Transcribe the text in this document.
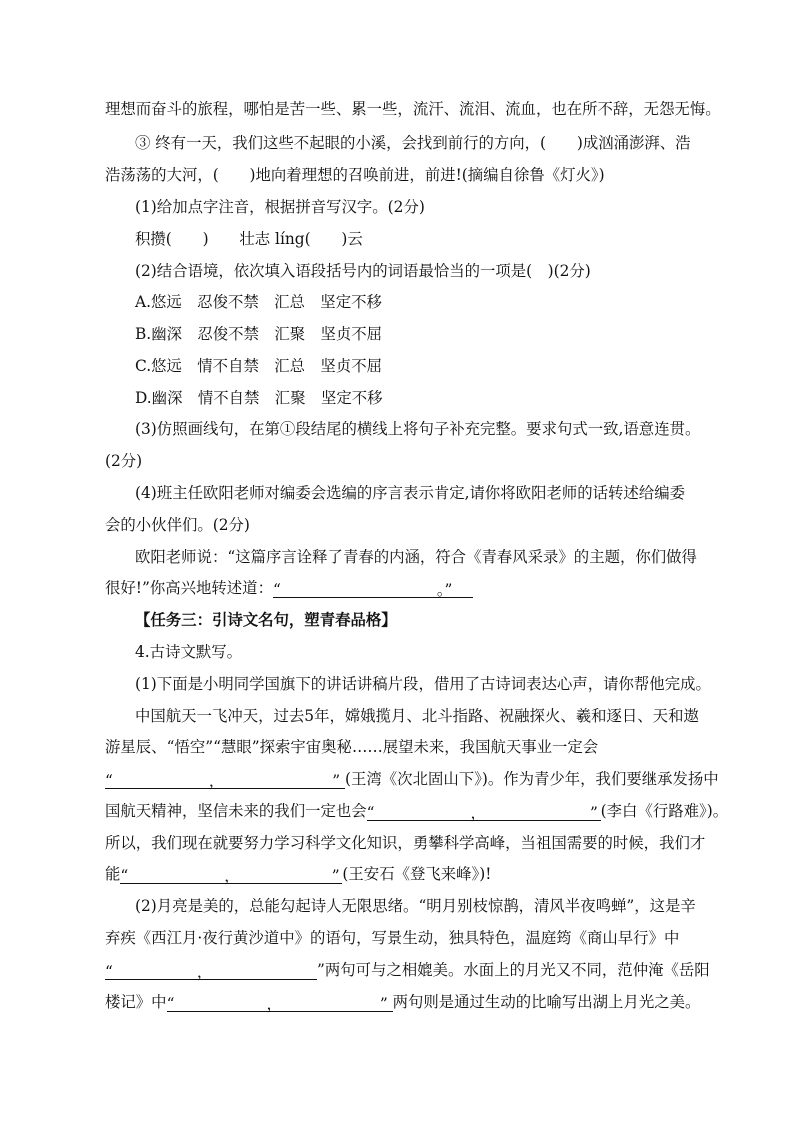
理想而奋斗的旅程，哪怕是苦一些、累一些，流汗、流泪、流血，也在所不辞，无怨无悔。
③ 终有一天，我们这些不起眼的小溪，会找到前行的方向，(　　)成汹涌澎湃、浩
浩荡荡的大河，(　　)地向着理想的召唤前进，前进!(摘编自徐鲁《灯火》)
(1)给加点字注音，根据拼音写汉字。(2分)
积攒(　　)　　壮志 líng(　　)云
(2)结合语境，依次填入语段括号内的词语最恰当的一项是(　)(2分)
A.悠远　忍俊不禁　汇总　坚定不移
B.幽深　忍俊不禁　汇聚　坚贞不屈
C.悠远　情不自禁　汇总　坚贞不屈
D.幽深　情不自禁　汇聚　坚定不移
(3)仿照画线句，在第①段结尾的横线上将句子补充完整。要求句式一致,语意连贯。
(2分)
(4)班主任欧阳老师对编委会选编的序言表示肯定,请你将欧阳老师的话转述给编委
会的小伙伴们。(2分)
欧阳老师说：“这篇序言诠释了青春的内涵，符合《青春风采录》的主题，你们做得
很好!”你高兴地转述道：“	。”
【任务三：引诗文名句，塑青春品格】
4.古诗文默写。
(1)下面是小明同学国旗下的讲话讲稿片段，借用了古诗词表达心声，请你帮他完成。
中国航天一飞冲天，过去5年，嫦娥揽月、北斗指路、祝融探火、羲和逐日、天和遨
游星辰、“悟空”“慧眼”探索宇宙奥秘……展望未来，我国航天事业一定会
“	，	” (王湾《次北固山下》)。作为青少年，我们要继承发扬中
国航天精神，坚信未来的我们一定也会“	，	” (李白《行路难》)。
所以，我们现在就要努力学习科学文化知识，勇攀科学高峰，当祖国需要的时候，我们才
能“	，	” (王安石《登飞来峰》)!
(2)月亮是美的，总能勾起诗人无限思绪。“明月别枝惊鹊，清风半夜鸣蝉”，这是辛
弃疾《西江月·夜行黄沙道中》的语句，写景生动，独具特色，温庭筠《商山早行》中
“	，	”两句可与之相媲美。水面上的月光又不同，范仲淹《岳阳
楼记》中“	，	” 两句则是通过生动的比喻写出湖上月光之美。
